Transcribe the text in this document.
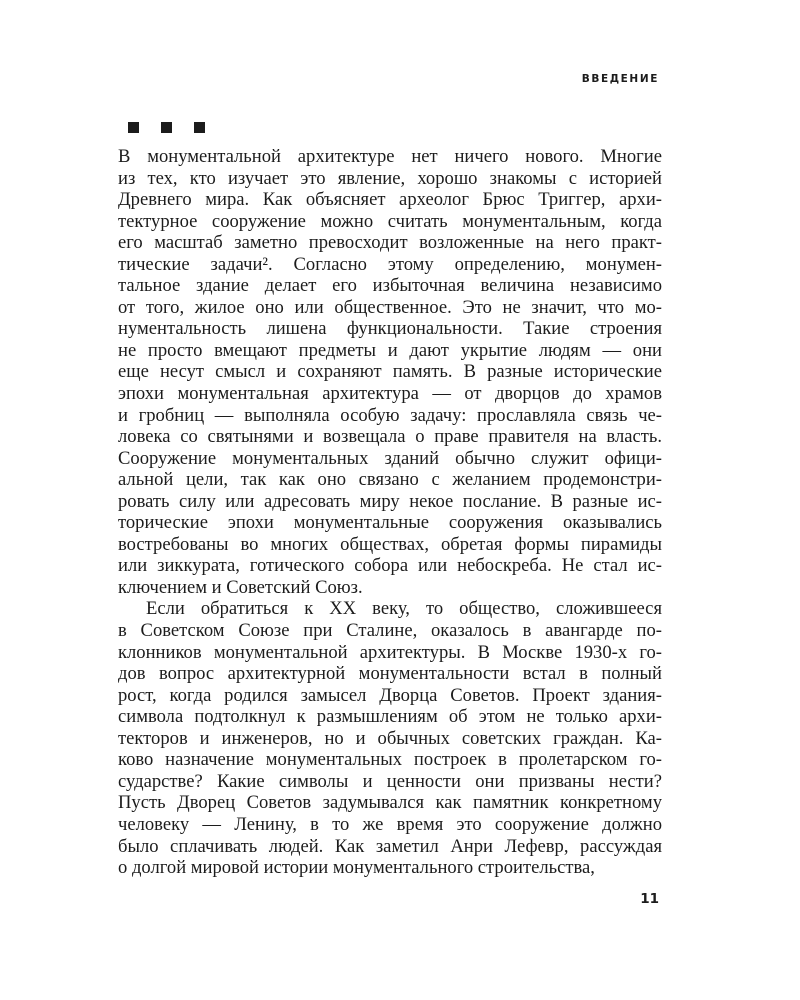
ВВЕДЕНИЕ
В монументальной архитектуре нет ничего нового. Многие
из тех, кто изучает это явление, хорошо знакомы с историей
Древнего мира. Как объясняет археолог Брюс Триггер, архи-
тектурное сооружение можно считать монументальным, когда
его масштаб заметно превосходит возложенные на него практ-
тические задачи². Согласно этому определению, монумен-
тальное здание делает его избыточная величина независимо
от того, жилое оно или общественное. Это не значит, что мо-
нументальность лишена функциональности. Такие строения
не просто вмещают предметы и дают укрытие людям — они
еще несут смысл и сохраняют память. В разные исторические
эпохи монументальная архитектура — от дворцов до храмов
и гробниц — выполняла особую задачу: прославляла связь че-
ловека со святынями и возвещала о праве правителя на власть.
Сооружение монументальных зданий обычно служит офици-
альной цели, так как оно связано с желанием продемонстри-
ровать силу или адресовать миру некое послание. В разные ис-
торические эпохи монументальные сооружения оказывались
востребованы во многих обществах, обретая формы пирамиды
или зиккурата, готического собора или небоскреба. Не стал ис-
ключением и Советский Союз.
Если обратиться к XX веку, то общество, сложившееся
в Советском Союзе при Сталине, оказалось в авангарде по-
клонников монументальной архитектуры. В Москве 1930-х го-
дов вопрос архитектурной монументальности встал в полный
рост, когда родился замысел Дворца Советов. Проект здания-
символа подтолкнул к размышлениям об этом не только архи-
текторов и инженеров, но и обычных советских граждан. Ка-
ково назначение монументальных построек в пролетарском го-
сударстве? Какие символы и ценности они призваны нести?
Пусть Дворец Советов задумывался как памятник конкретному
человеку — Ленину, в то же время это сооружение должно
было сплачивать людей. Как заметил Анри Лефевр, рассуждая
о долгой мировой истории монументального строительства,
11
